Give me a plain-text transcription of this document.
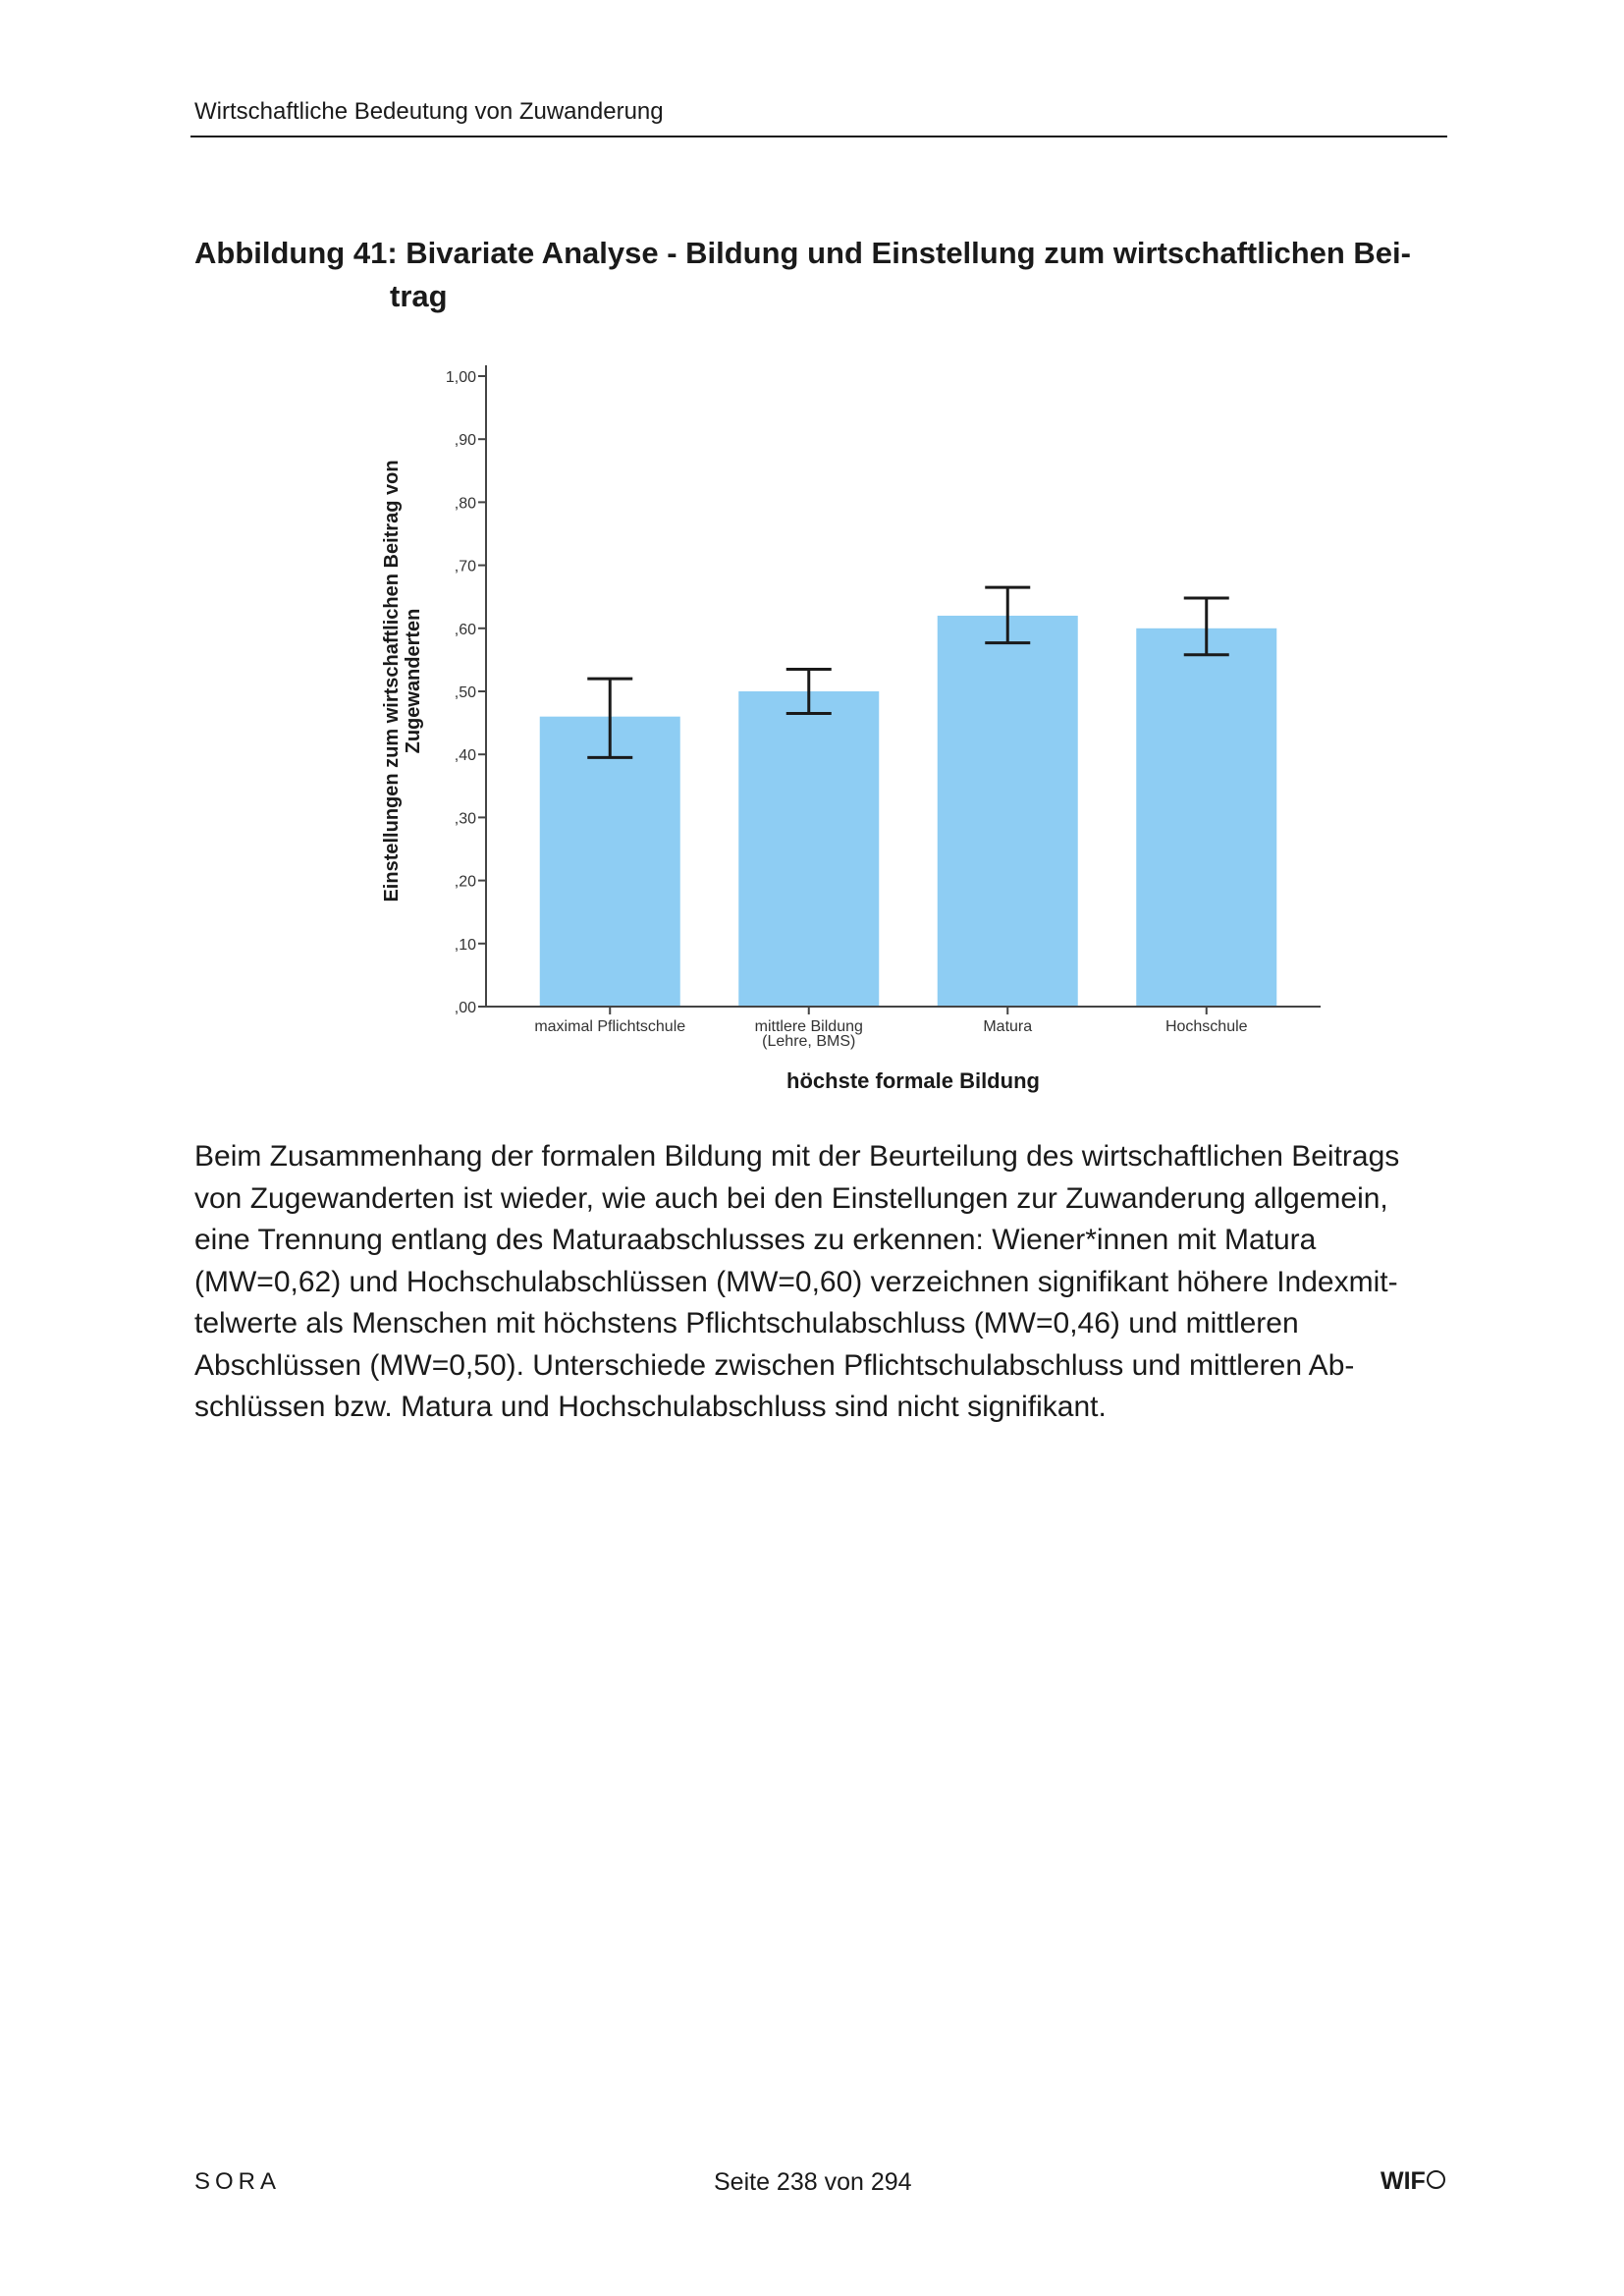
Wirtschaftliche Bedeutung von Zuwanderung
Abbildung 41: Bivariate Analyse - Bildung und Einstellung zum wirtschaftlichen Bei-
trag
Einstellungen zum wirtschaftlichen Beitrag von Zugewanderten
,00
,10
,20
,30
,40
,50
,60
,70
,80
,90
1,00
maximal Pflichtschule	mittlere Bildung
(Lehre, BMS)
Matura	Hochschule
höchste formale Bildung
Beim Zusammenhang der formalen Bildung mit der Beurteilung des wirtschaftlichen Beitrags
von Zugewanderten ist wieder, wie auch bei den Einstellungen zur Zuwanderung allgemein,
eine Trennung entlang des Maturaabschlusses zu erkennen: Wiener*innen mit Matura
(MW=0,62) und Hochschulabschlüssen (MW=0,60) verzeichnen signifikant höhere Indexmit-
telwerte als Menschen mit höchstens Pflichtschulabschluss (MW=0,46) und mittleren
Abschlüssen (MW=0,50). Unterschiede zwischen Pflichtschulabschluss und mittleren Ab-
schlüssen bzw. Matura und Hochschulabschluss sind nicht signifikant.
SORA	Seite 238 von 294	WIF
